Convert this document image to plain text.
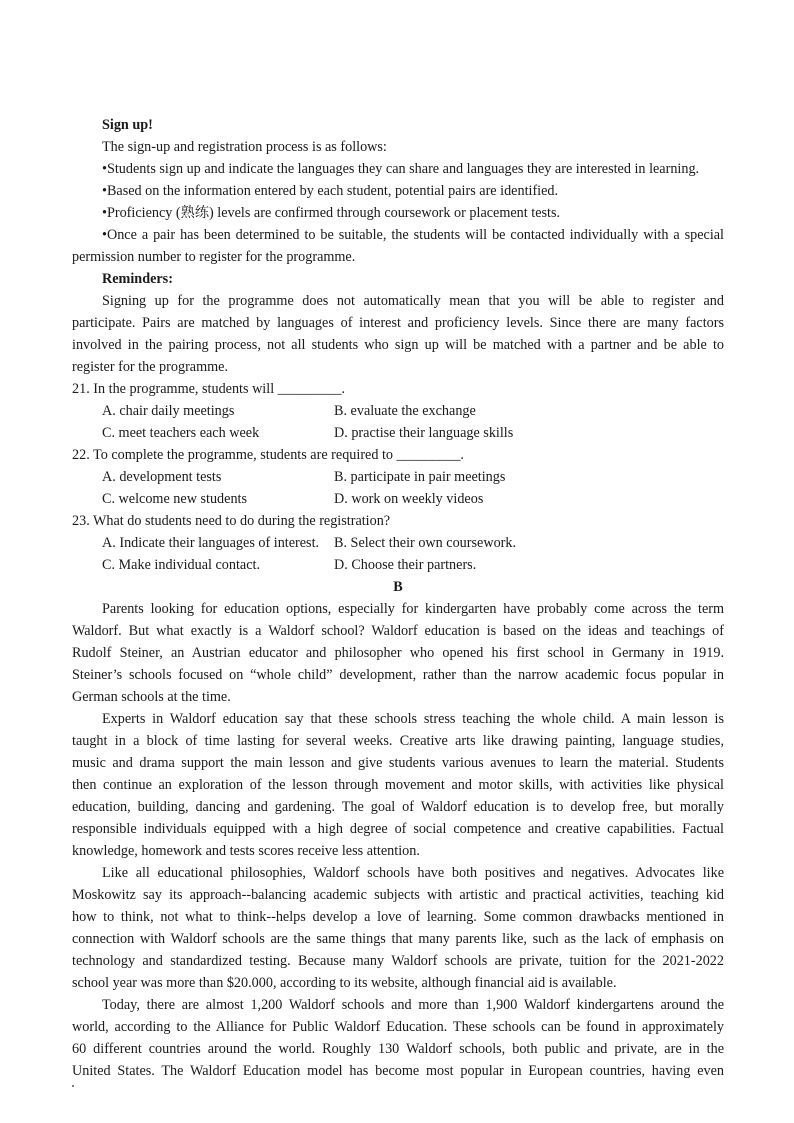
Sign up!
The sign-up and registration process is as follows:
•Students sign up and indicate the languages they can share and languages they are interested in learning.
•Based on the information entered by each student, potential pairs are identified.
•Proficiency (熟练) levels are confirmed through coursework or placement tests.
•Once a pair has been determined to be suitable, the students will be contacted individually with a special
permission number to register for the programme.
Reminders:
Signing up for the programme does not automatically mean that you will be able to register and
participate. Pairs are matched by languages of interest and proficiency levels. Since there are many factors
involved in the pairing process, not all students who sign up will be matched with a partner and be able to
register for the programme.
21. In the programme, students will _________.
A. chair daily meetings	B. evaluate the exchange
C. meet teachers each week	D. practise their language skills
22. To complete the programme, students are required to _________.
A. development tests	B. participate in pair meetings
C. welcome new students	D. work on weekly videos
23. What do students need to do during the registration?
A. Indicate their languages of interest.	B. Select their own coursework.
C. Make individual contact.	D. Choose their partners.
B
Parents looking for education options, especially for kindergarten have probably come across the term
Waldorf. But what exactly is a Waldorf school? Waldorf education is based on the ideas and teachings of
Rudolf Steiner, an Austrian educator and philosopher who opened his first school in Germany in 1919.
Steiner’s schools focused on “whole child” development, rather than the narrow academic focus popular in
German schools at the time.
Experts in Waldorf education say that these schools stress teaching the whole child. A main lesson is
taught in a block of time lasting for several weeks. Creative arts like drawing painting, language studies,
music and drama support the main lesson and give students various avenues to learn the material. Students
then continue an exploration of the lesson through movement and motor skills, with activities like physical
education, building, dancing and gardening. The goal of Waldorf education is to develop free, but morally
responsible individuals equipped with a high degree of social competence and creative capabilities. Factual
knowledge, homework and tests scores receive less attention.
Like all educational philosophies, Waldorf schools have both positives and negatives. Advocates like
Moskowitz say its approach--balancing academic subjects with artistic and practical activities, teaching kid
how to think, not what to think--helps develop a love of learning. Some common drawbacks mentioned in
connection with Waldorf schools are the same things that many parents like, such as the lack of emphasis on
technology and standardized testing. Because many Waldorf schools are private, tuition for the 2021-2022
school year was more than $20.000, according to its website, although financial aid is available.
Today, there are almost 1,200 Waldorf schools and more than 1,900 Waldorf kindergartens around the
world, according to the Alliance for Public Waldorf Education. These schools can be found in approximately
60 different countries around the world. Roughly 130 Waldorf schools, both public and private, are in the
United States. The Waldorf Education model has become most popular in European countries, having even
